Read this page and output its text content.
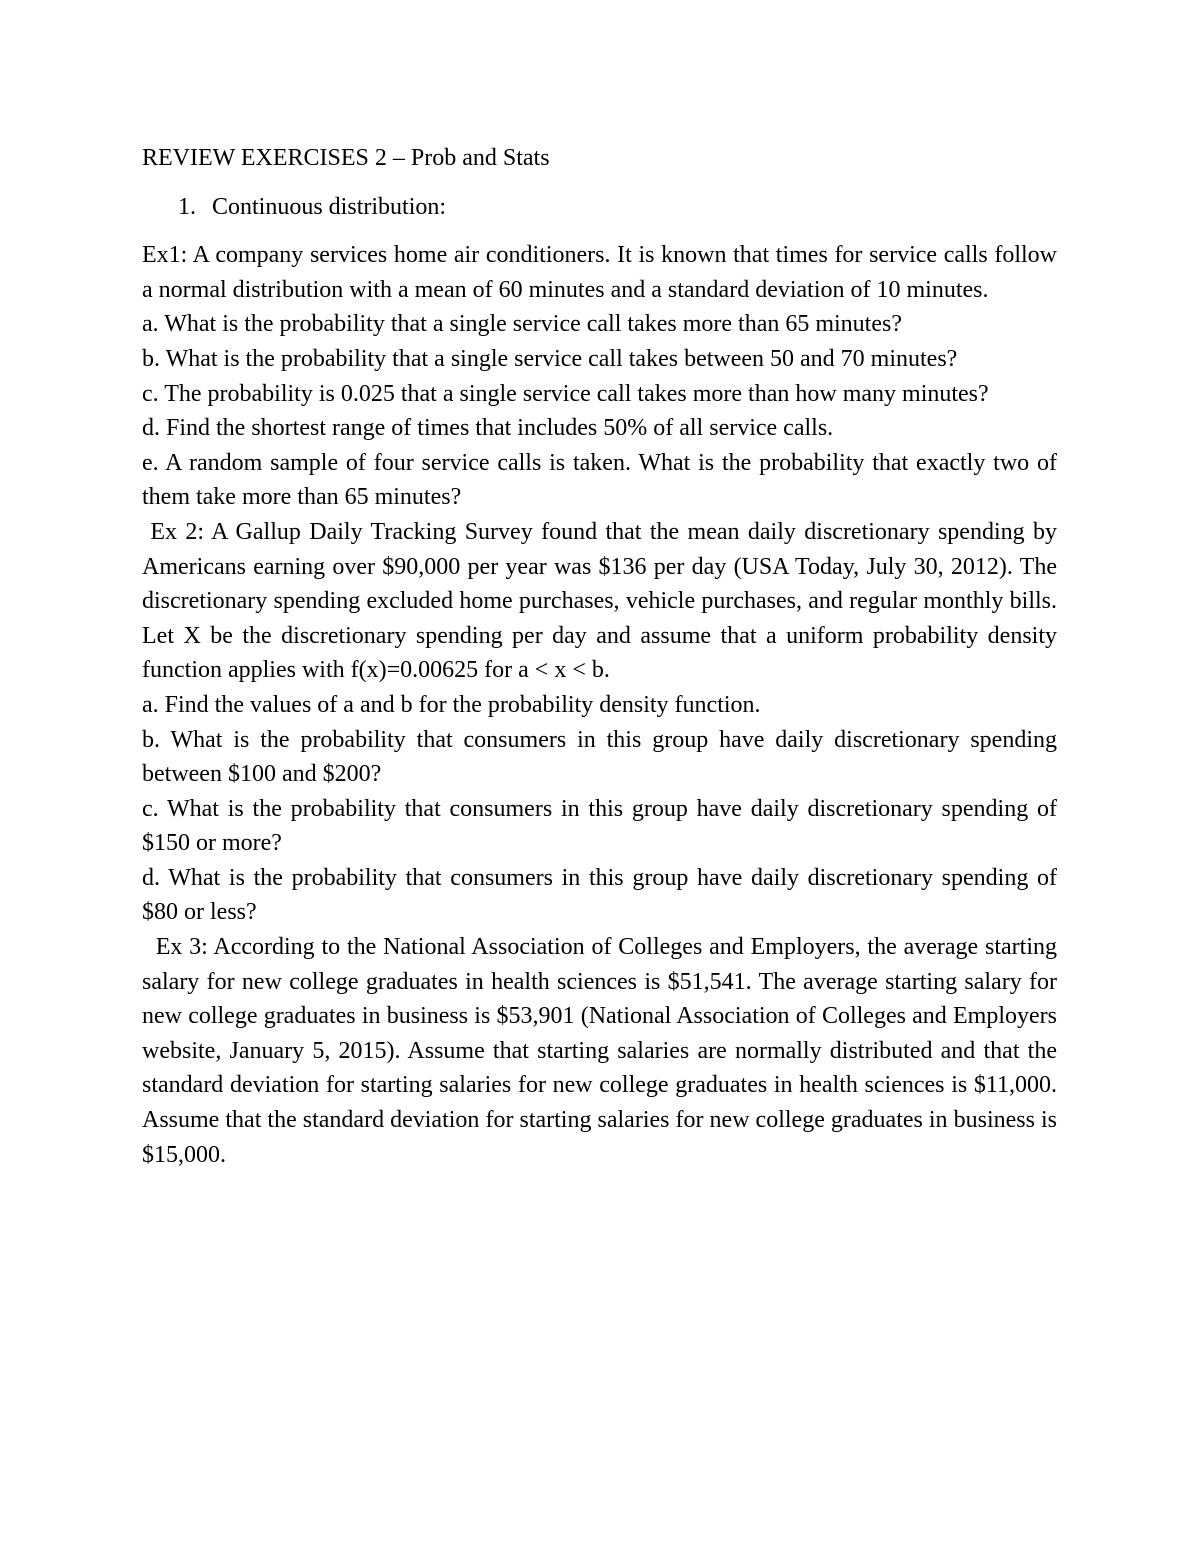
REVIEW EXERCISES 2 – Prob and Stats
1. Continuous distribution:

Ex1: A company services home air conditioners. It is known that times for service calls follow a normal distribution with a mean of 60 minutes and a standard deviation of 10 minutes.

a. What is the probability that a single service call takes more than 65 minutes?

b. What is the probability that a single service call takes between 50 and 70 minutes?

c. The probability is 0.025 that a single service call takes more than how many minutes?

d. Find the shortest range of times that includes 50% of all service calls.

e. A random sample of four service calls is taken. What is the probability that exactly two of them take more than 65 minutes?

Ex 2: A Gallup Daily Tracking Survey found that the mean daily discretionary spending by Americans earning over $90,000 per year was $136 per day (USA Today, July 30, 2012). The discretionary spending excluded home purchases, vehicle purchases, and regular monthly bills. Let X be the discretionary spending per day and assume that a uniform probability density function applies with f(x)=0.00625 for a < x < b.

a. Find the values of a and b for the probability density function.

b. What is the probability that consumers in this group have daily discretionary spending between $100 and $200?

c. What is the probability that consumers in this group have daily discretionary spending of $150 or more?

d. What is the probability that consumers in this group have daily discretionary spending of $80 or less?

Ex 3: According to the National Association of Colleges and Employers, the average starting salary for new college graduates in health sciences is $51,541. The average starting salary for new college graduates in business is $53,901 (National Association of Colleges and Employers website, January 5, 2015). Assume that starting salaries are normally distributed and that the standard deviation for starting salaries for new college graduates in health sciences is $11,000. Assume that the standard deviation for starting salaries for new college graduates in business is $15,000.
